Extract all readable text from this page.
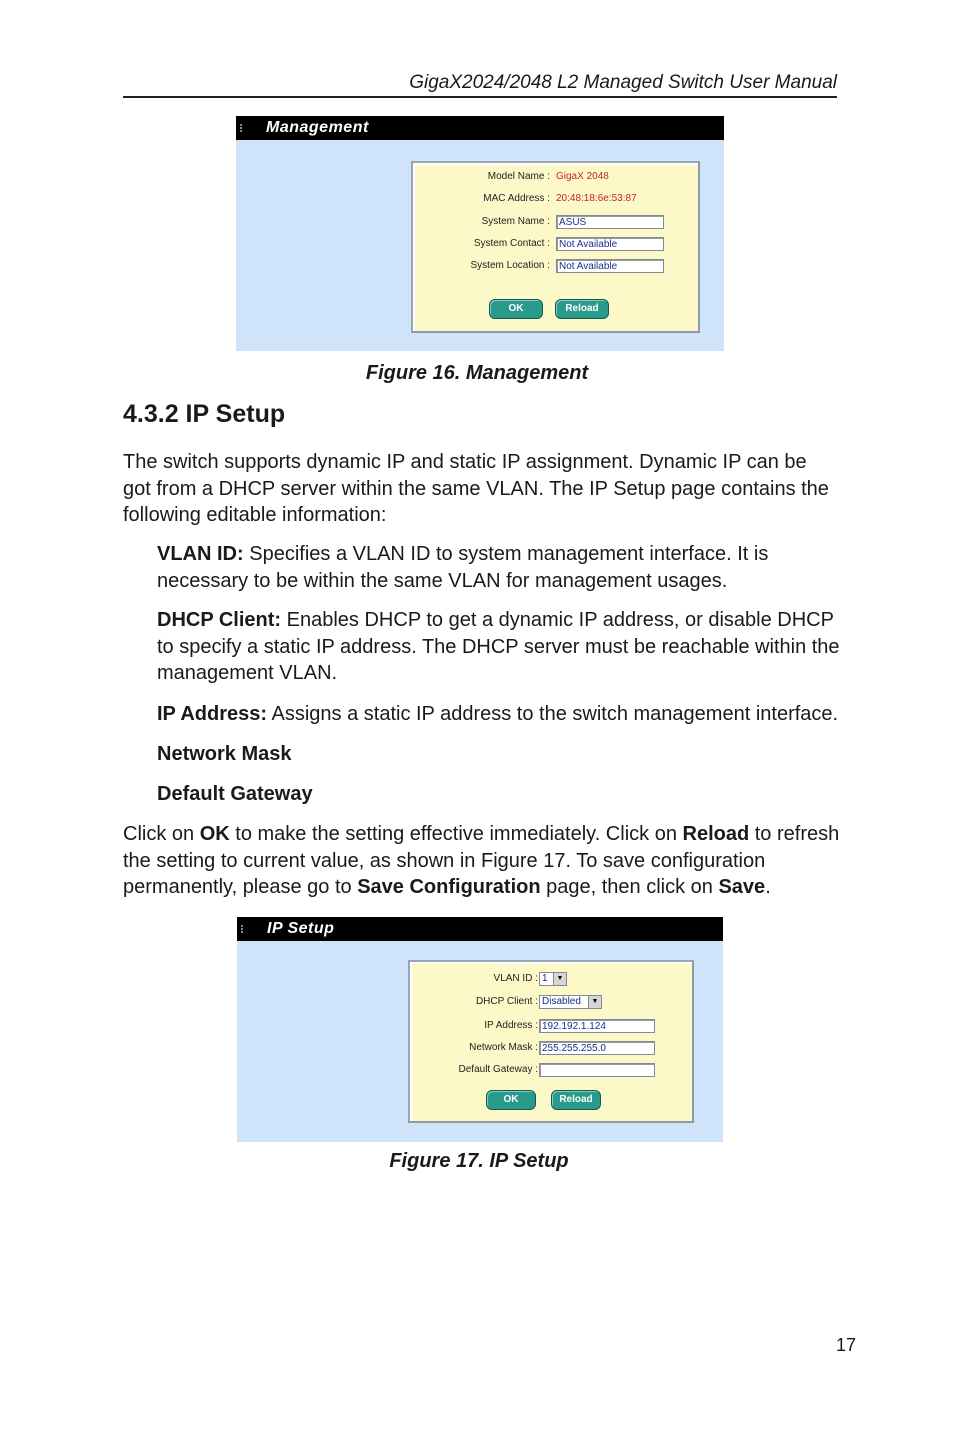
GigaX2024/2048 L2 Managed Switch User Manual
Management
Model Name : GigaX 2048
MAC Address : 20:48:18:6e:53:87
System Name : ASUS
System Contact : Not Available
System Location : Not Available
OK	Reload
Figure 16. Management
4.3.2 IP Setup

The switch supports dynamic IP and static IP assignment. Dynamic IP can be got from a DHCP server within the same VLAN. The IP Setup page contains the following editable information:

VLAN ID: Specifies a VLAN ID to system management interface. It is necessary to be within the same VLAN for management usages.

DHCP Client: Enables DHCP to get a dynamic IP address, or disable DHCP to specify a static IP address. The DHCP server must be reachable within the management VLAN.

IP Address: Assigns a static IP address to the switch management interface.

Network Mask

Default Gateway

Click on OK to make the setting effective immediately. Click on Reload to refresh the setting to current value, as shown in Figure 17. To save configuration permanently, please go to Save Configuration page, then click on Save.

IP Setup
VLAN ID : 1	▼
DHCP Client : Disabled	▼
IP Address : 192.192.1.124
Network Mask : 255.255.255.0
Default Gateway :
OK	Reload
Figure 17. IP Setup
17
